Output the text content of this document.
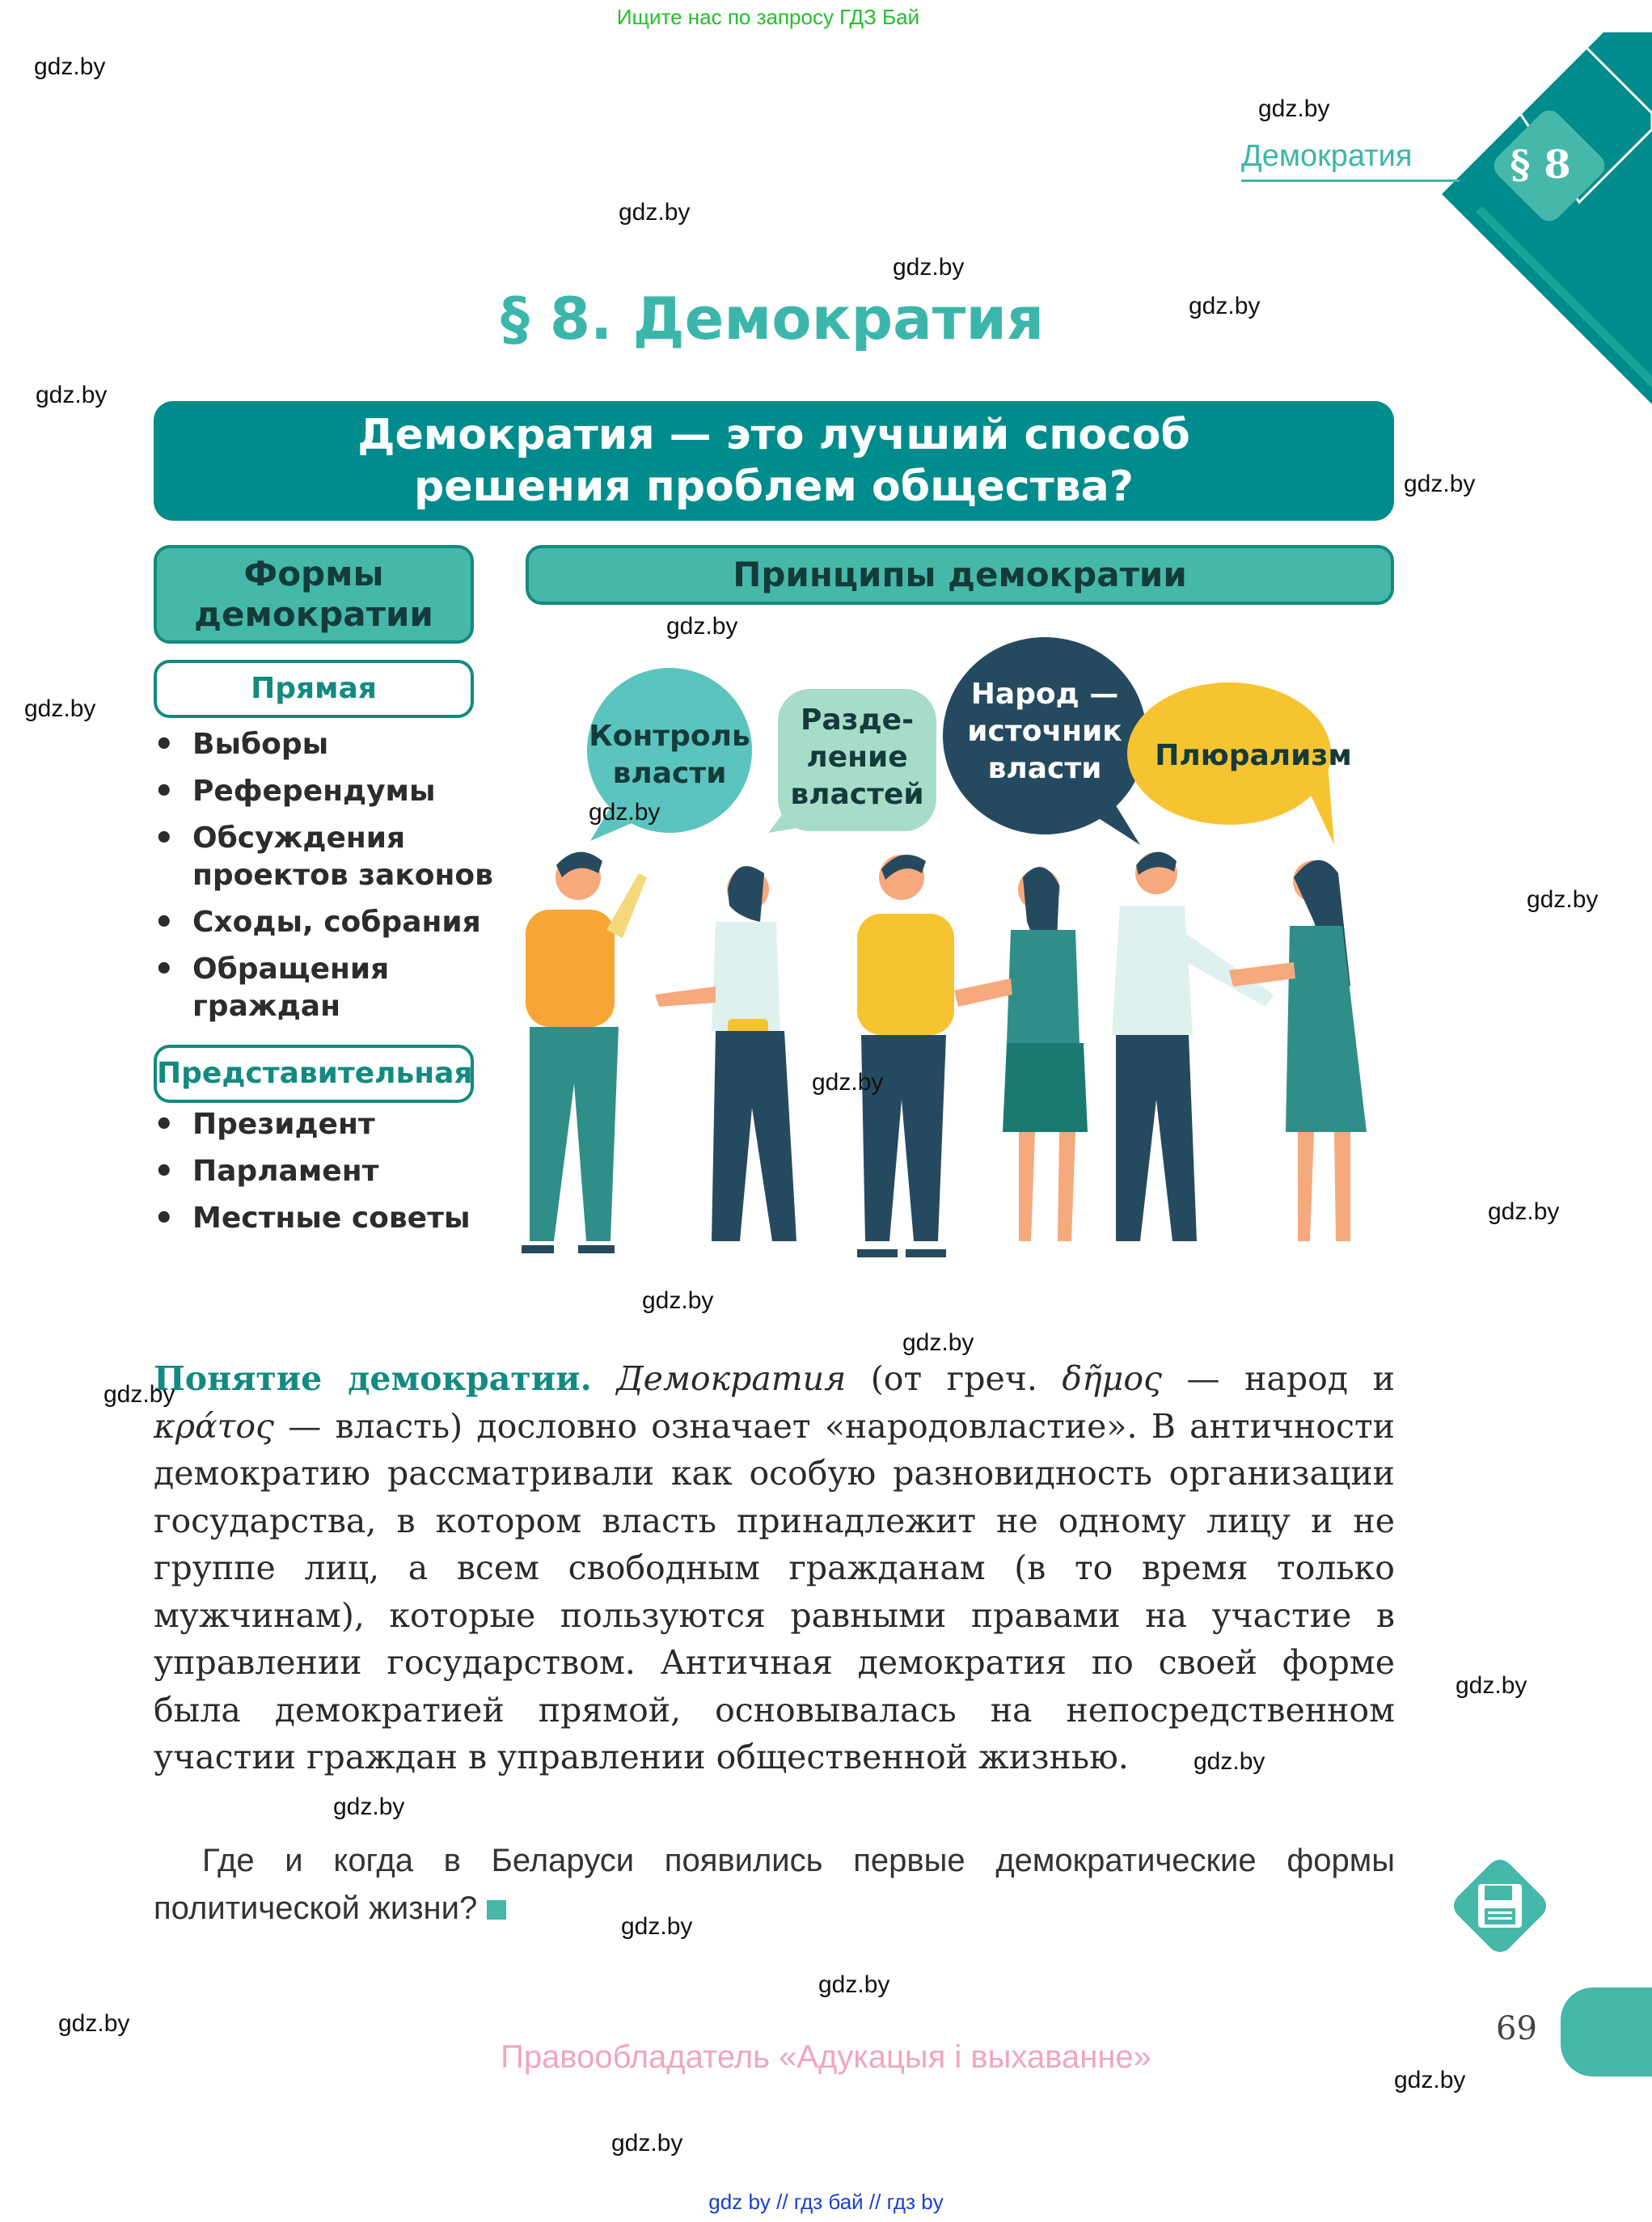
Ищите нас по запросу ГДЗ Бай
§ 8
Демократия
§ 8. Демократия
Демократия — это лучший способ
решения проблем общества?
Формы
демократии
Принципы демократии
Прямая
• Выборы
• Референдумы
• Обсуждения проектов законов
• Сходы, собрания
• Обращения граждан
Представительная
• Президент
• Парламент
• Местные советы
Контроль
власти
Разде-
ление
властей
Народ —
источник
власти	Плюрализм

Понятие демократии. Демократия (от греч. δῆμος — народ и κράτος — власть) дословно означает «народовластие». В античности демократию рассматривали как особую разновидность организации государства, в котором власть принадлежит не одному лицу и не группе лиц, а всем свободным гражданам (в то время только мужчинам), которые пользуются равными правами на участие в управлении государством. Античная демократия по своей форме была демократией прямой, основывалась на непосредственном участии граждан в управлении общественной жизнью.

Где и когда в Беларуси появились первые демократические формы политической жизни?

69
Правообладатель «Адукацыя і выхаванне»
gdz by // гдз бай // гдз by
gdz.by
gdz.by
gdz.by
gdz.by
gdz.by
gdz.by
gdz.by
gdz.by
gdz.by
gdz.by
gdz.by
gdz.by
gdz.by
gdz.by
gdz.by
gdz.by
gdz.by
gdz.by
gdz.by
gdz.by
gdz.by
gdz.by
gdz.by
gdz.by
